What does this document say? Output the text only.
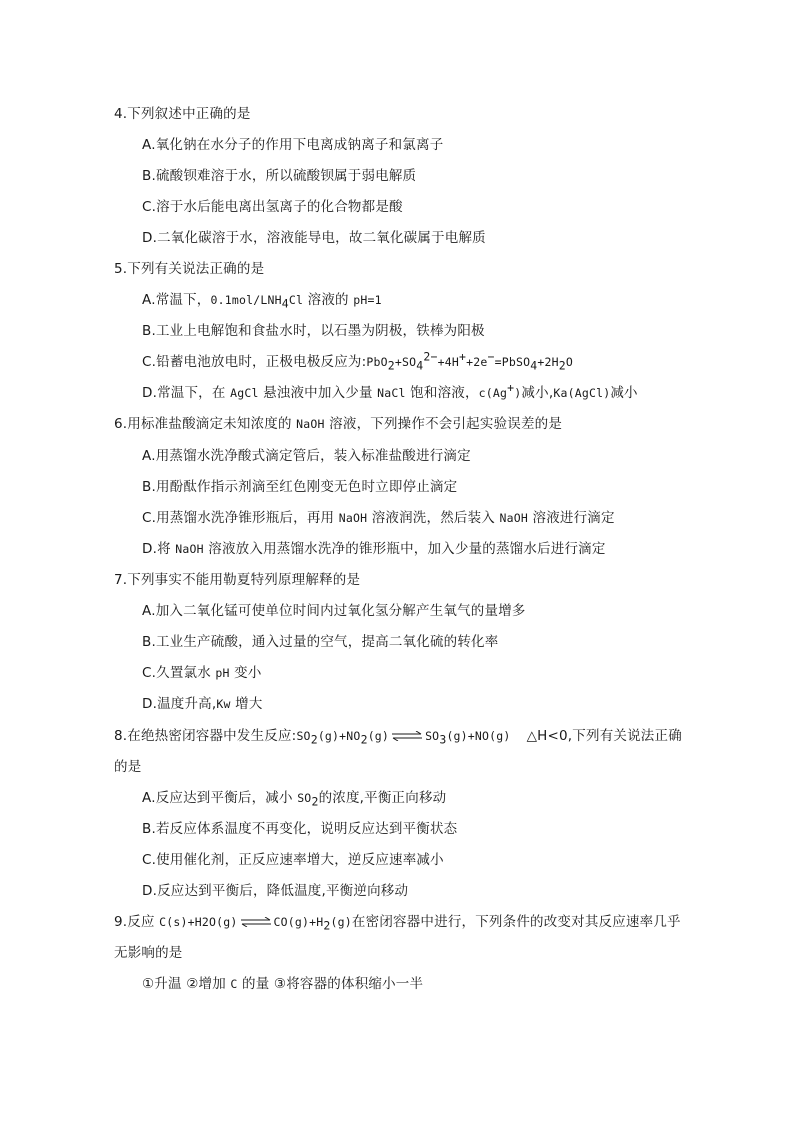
4.下列叙述中正确的是
A.氧化钠在水分子的作用下电离成钠离子和氯离子
B.硫酸钡难溶于水，所以硫酸钡属于弱电解质
C.溶于水后能电离出氢离子的化合物都是酸
D.二氧化碳溶于水，溶液能导电，故二氧化碳属于电解质
5.下列有关说法正确的是
A.常温下，$0.1mol/LNH_4Cl$ 溶液的 pH=1
B.工业上电解饱和食盐水时，以石墨为阴极，铁棒为阳极
C.铅蓄电池放电时，正极电极反应为$:PbO_2+SO_4^{2-}+4H^++2e^-=PbSO_4+2H_2O$
D.常温下，在 AgCl 悬浊液中加入少量 NaCl 饱和溶液，c(Ag+)减小,Ka(AgCl)减小
6.用标准盐酸滴定未知浓度的 NaOH 溶液，下列操作不会引起实验误差的是
A.用蒸馏水洗净酸式滴定管后，装入标准盐酸进行滴定
B.用酚酞作指示剂滴至红色刚变无色时立即停止滴定
C.用蒸馏水洗净锥形瓶后，再用 NaOH 溶液润洗，然后装入 NaOH 溶液进行滴定
D.将 NaOH 溶液放入用蒸馏水洗净的锥形瓶中，加入少量的蒸馏水后进行滴定
7.下列事实不能用勒夏特列原理解释的是
A.加入二氧化锰可使单位时间内过氧化氢分解产生氧气的量增多
B.工业生产硫酸，通入过量的空气，提高二氧化硫的转化率
C.久置氯水 pH 变小
D.温度升高,Kw 增大
8.在绝热密闭容器中发生反应$:SO_2(g)+NO_2(g)$ ⇌ $SO_3(g)+NO(g)$ △H<0,下列有关说法正确
的是
A.反应达到平衡后，减小 $SO_2$的浓度,平衡正向移动
B.若反应体系温度不再变化，说明反应达到平衡状态
C.使用催化剂，正反应速率增大，逆反应速率减小
D.反应达到平衡后，降低温度,平衡逆向移动
9.反应 C(s)+H2O(g) ⇌ $CO(g)+H_2(g)$在密闭容器中进行，下列条件的改变对其反应速率几乎
无影响的是
①升温 ②增加 C 的量 ③将容器的体积缩小一半
